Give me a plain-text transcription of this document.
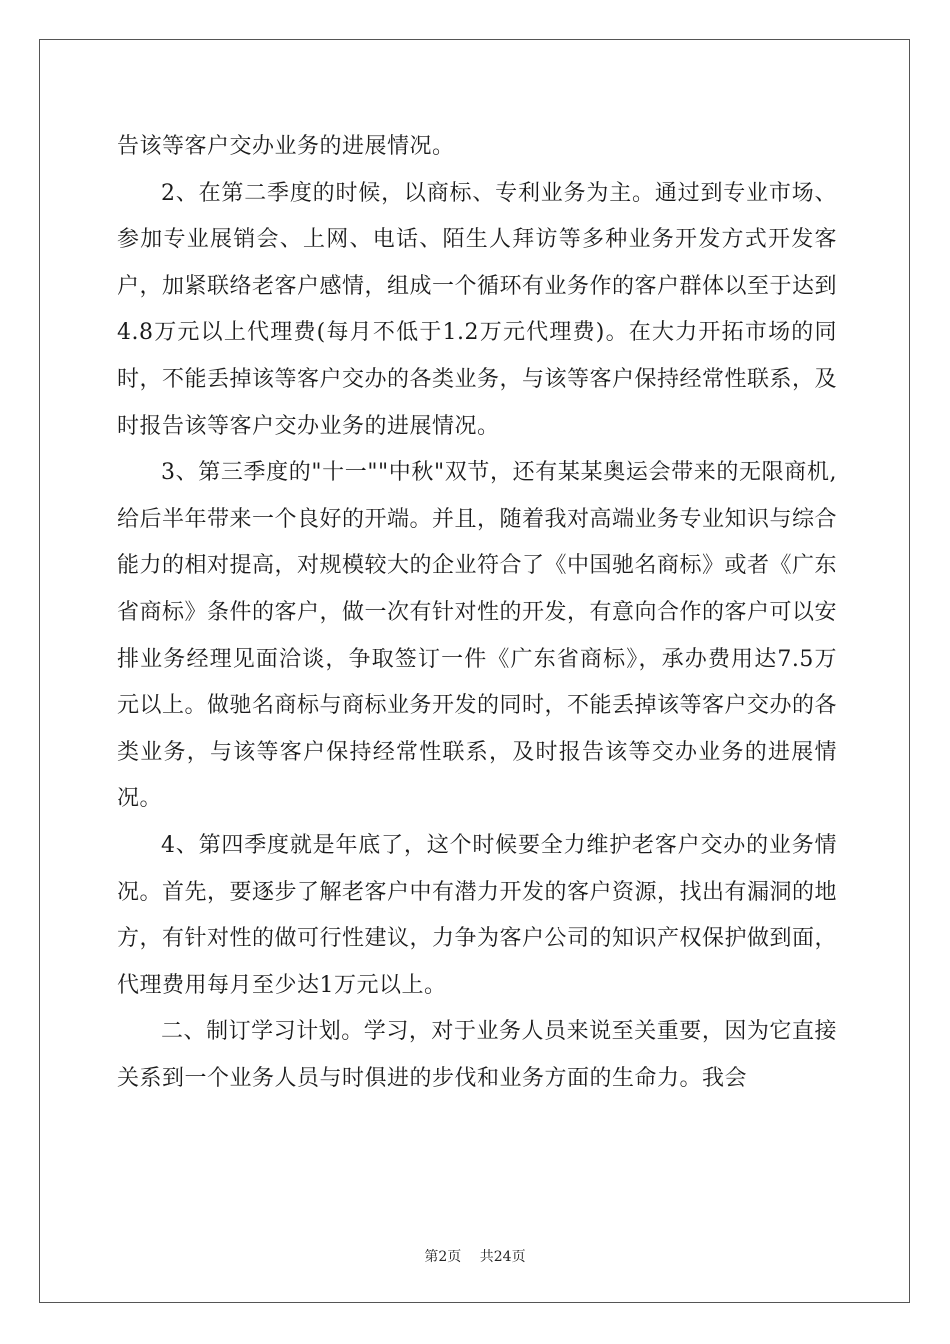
告该等客户交办业务的进展情况。

2、在第二季度的时候，以商标、专利业务为主。通过到专业市场、参加专业展销会、上网、电话、陌生人拜访等多种业务开发方式开发客户，加紧联络老客户感情，组成一个循环有业务作的客户群体以至于达到4.8万元以上代理费(每月不低于1.2万元代理费)。在大力开拓市场的同时，不能丢掉该等客户交办的各类业务，与该等客户保持经常性联系，及时报告该等客户交办业务的进展情况。

3、第三季度的"十一""中秋"双节，还有某某奥运会带来的无限商机,给后半年带来一个良好的开端。并且，随着我对高端业务专业知识与综合能力的相对提高，对规模较大的企业符合了《中国驰名商标》或者《广东省商标》条件的客户，做一次有针对性的开发，有意向合作的客户可以安排业务经理见面洽谈，争取签订一件《广东省商标》，承办费用达7.5万元以上。做驰名商标与商标业务开发的同时，不能丢掉该等客户交办的各类业务，与该等客户保持经常性联系，及时报告该等交办业务的进展情况。

4、第四季度就是年底了，这个时候要全力维护老客户交办的业务情况。首先，要逐步了解老客户中有潜力开发的客户资源，找出有漏洞的地方，有针对性的做可行性建议，力争为客户公司的知识产权保护做到面，代理费用每月至少达1万元以上。

二、制订学习计划。学习，对于业务人员来说至关重要，因为它直接关系到一个业务人员与时俱进的步伐和业务方面的生命力。我会

第2页 共24页
